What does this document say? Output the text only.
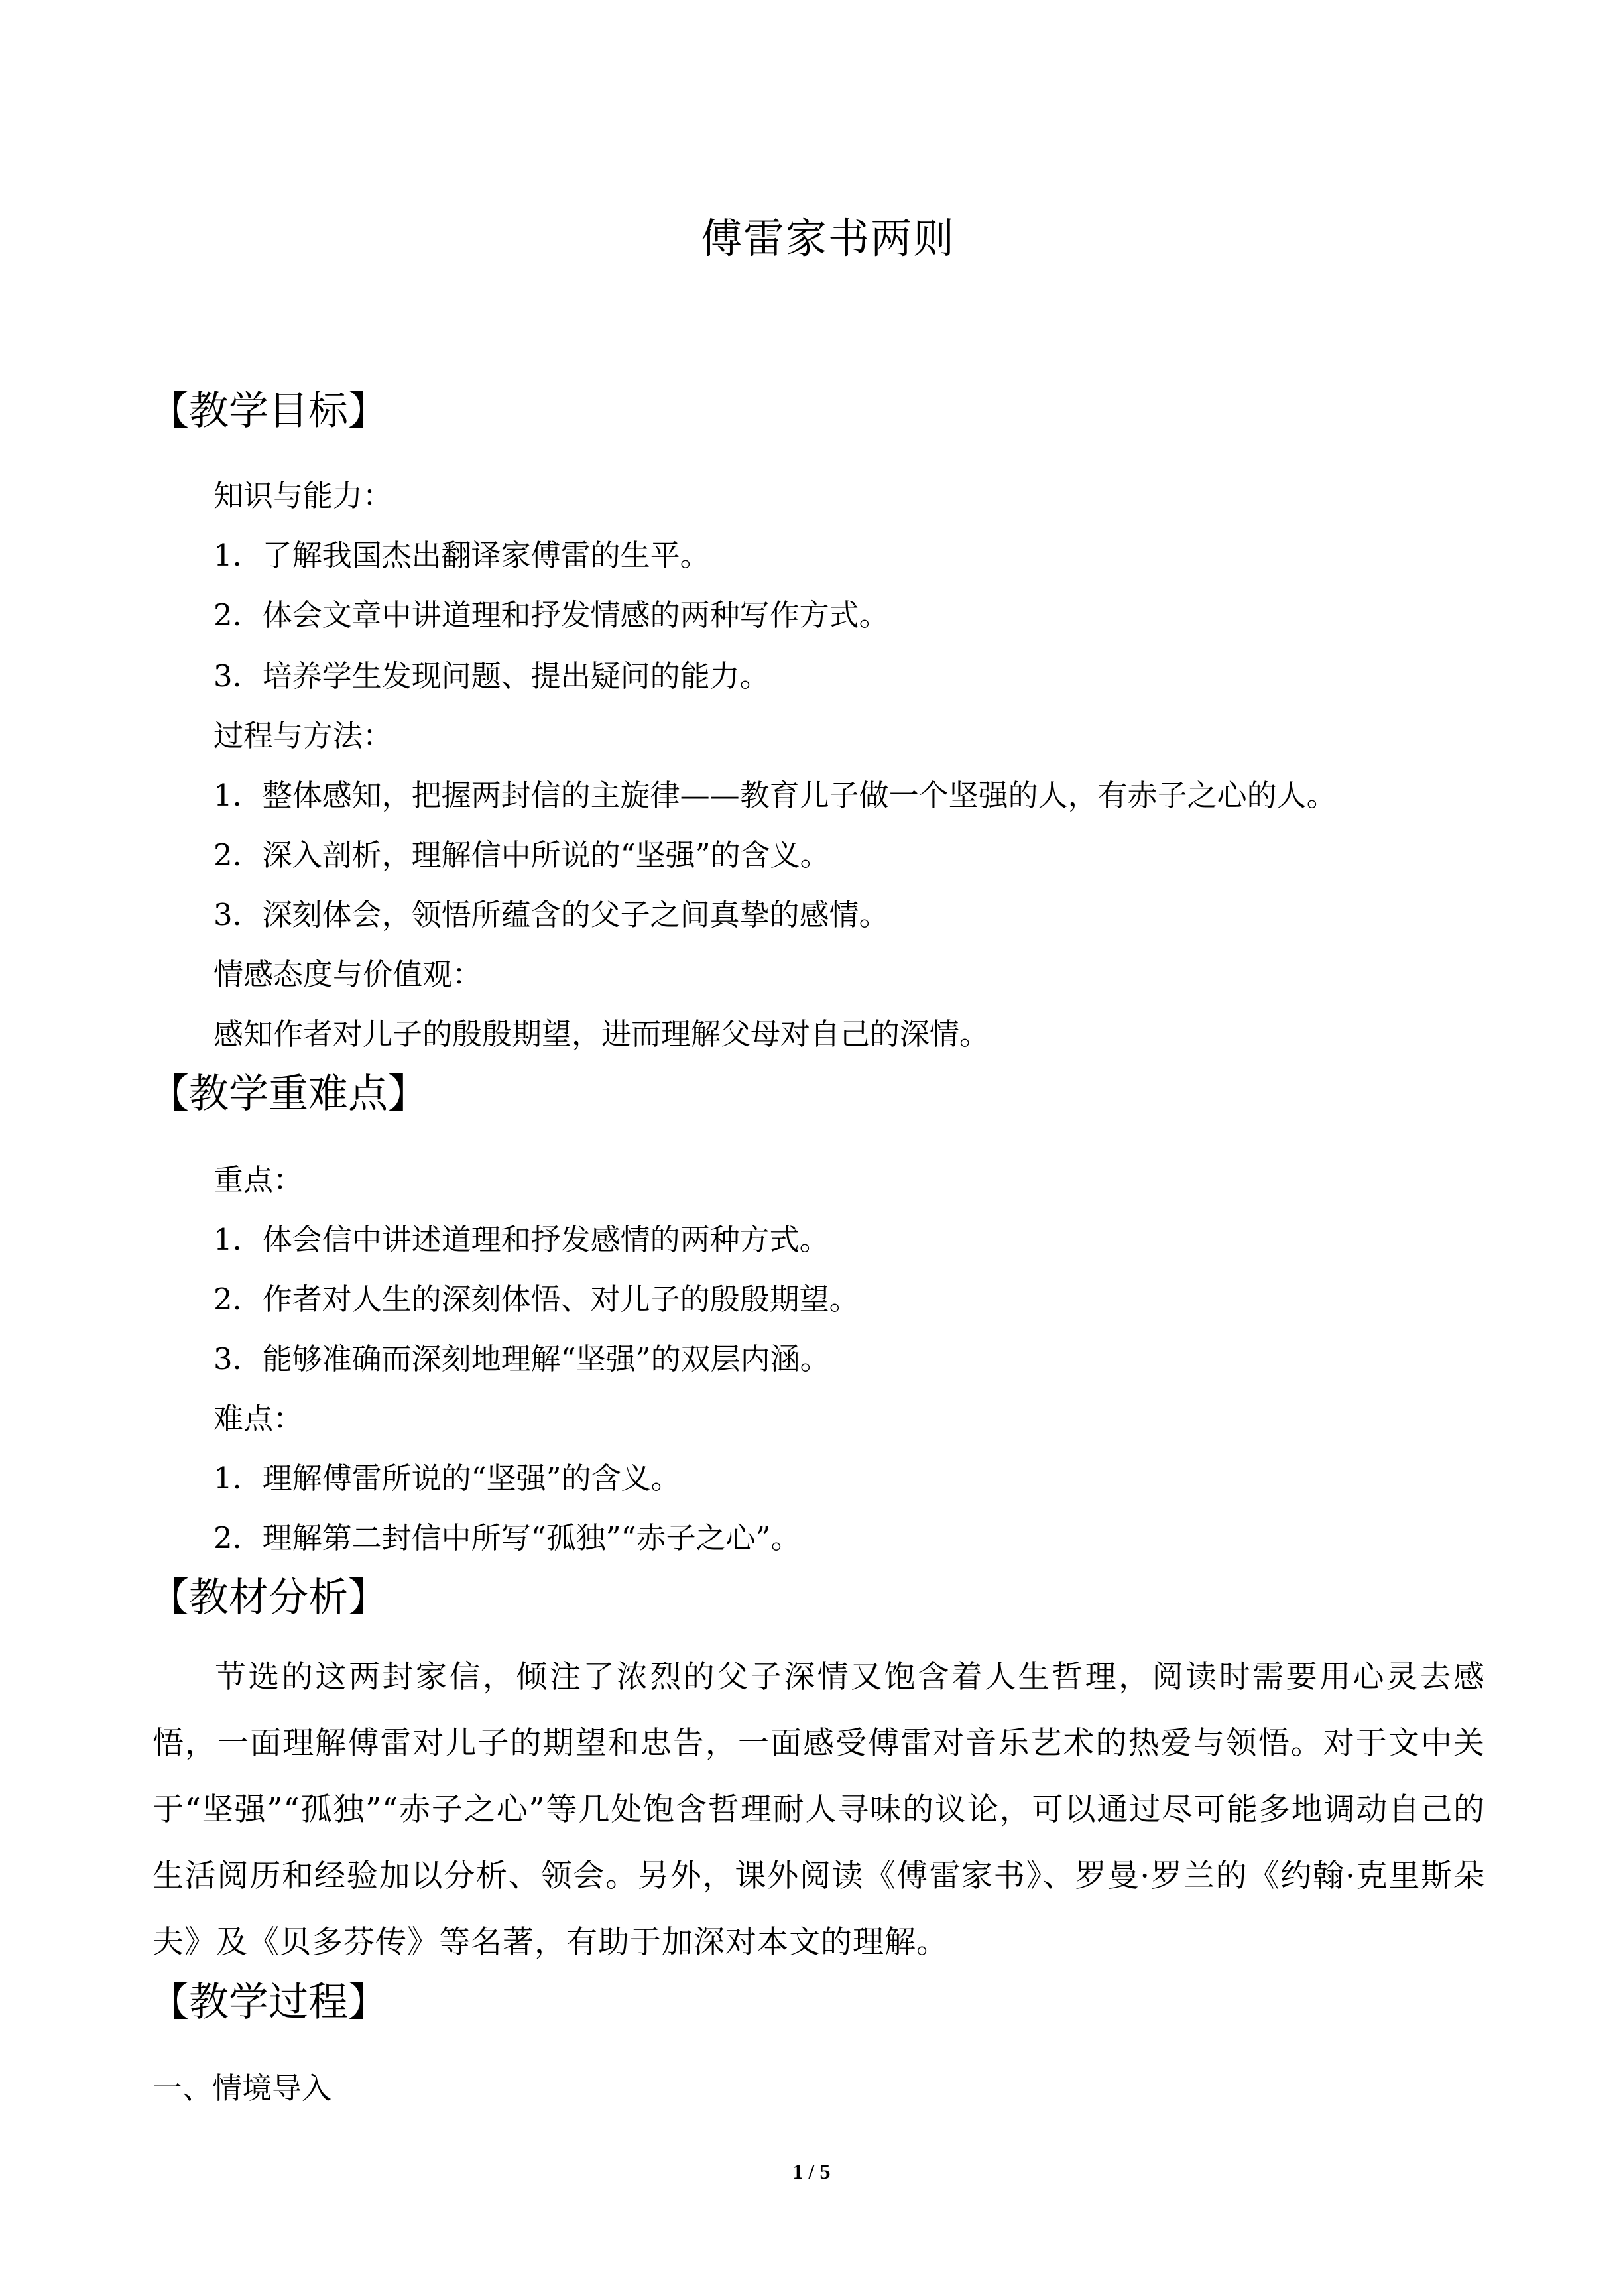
傅雷家书两则
【教学目标】
知识与能力：
1．了解我国杰出翻译家傅雷的生平。
2．体会文章中讲道理和抒发情感的两种写作方式。
3．培养学生发现问题、提出疑问的能力。
过程与方法：
1．整体感知，把握两封信的主旋律——教育儿子做一个坚强的人，有赤子之心的人。
2．深入剖析，理解信中所说的“坚强”的含义。
3．深刻体会，领悟所蕴含的父子之间真挚的感情。
情感态度与价值观：
感知作者对儿子的殷殷期望，进而理解父母对自己的深情。
【教学重难点】
重点：
1．体会信中讲述道理和抒发感情的两种方式。
2．作者对人生的深刻体悟、对儿子的殷殷期望。
3．能够准确而深刻地理解“坚强”的双层内涵。
难点：
1．理解傅雷所说的“坚强”的含义。
2．理解第二封信中所写“孤独”“赤子之心”。
【教材分析】
节选的这两封家信，倾注了浓烈的父子深情又饱含着人生哲理，阅读时需要用心灵去感悟，一面理解傅雷对儿子的期望和忠告，一面感受傅雷对音乐艺术的热爱与领悟。对于文中关于“坚强”“孤独”“赤子之心”等几处饱含哲理耐人寻味的议论，可以通过尽可能多地调动自己的生活阅历和经验加以分析、领会。另外，课外阅读《傅雷家书》、罗曼·罗兰的《约翰·克里斯朵夫》及《贝多芬传》等名著，有助于加深对本文的理解。
【教学过程】
一、情境导入
1 / 5
